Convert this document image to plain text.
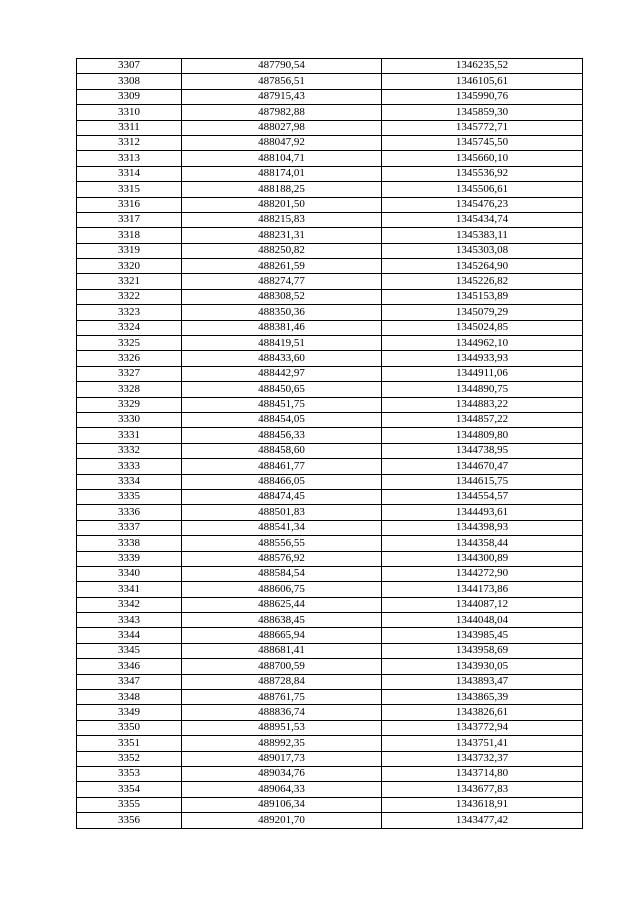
3307	487790,54	1346235,52
3308	487856,51	1346105,61
3309	487915,43	1345990,76
3310	487982,88	1345859,30
3311	488027,98	1345772,71
3312	488047,92	1345745,50
3313	488104,71	1345660,10
3314	488174,01	1345536,92
3315	488188,25	1345506,61
3316	488201,50	1345476,23
3317	488215,83	1345434,74
3318	488231,31	1345383,11
3319	488250,82	1345303,08
3320	488261,59	1345264,90
3321	488274,77	1345226,82
3322	488308,52	1345153,89
3323	488350,36	1345079,29
3324	488381,46	1345024,85
3325	488419,51	1344962,10
3326	488433,60	1344933,93
3327	488442,97	1344911,06
3328	488450,65	1344890,75
3329	488451,75	1344883,22
3330	488454,05	1344857,22
3331	488456,33	1344809,80
3332	488458,60	1344738,95
3333	488461,77	1344670,47
3334	488466,05	1344615,75
3335	488474,45	1344554,57
3336	488501,83	1344493,61
3337	488541,34	1344398,93
3338	488556,55	1344358,44
3339	488576,92	1344300,89
3340	488584,54	1344272,90
3341	488606,75	1344173,86
3342	488625,44	1344087,12
3343	488638,45	1344048,04
3344	488665,94	1343985,45
3345	488681,41	1343958,69
3346	488700,59	1343930,05
3347	488728,84	1343893,47
3348	488761,75	1343865,39
3349	488836,74	1343826,61
3350	488951,53	1343772,94
3351	488992,35	1343751,41
3352	489017,73	1343732,37
3353	489034,76	1343714,80
3354	489064,33	1343677,83
3355	489106,34	1343618,91
3356	489201,70	1343477,42
